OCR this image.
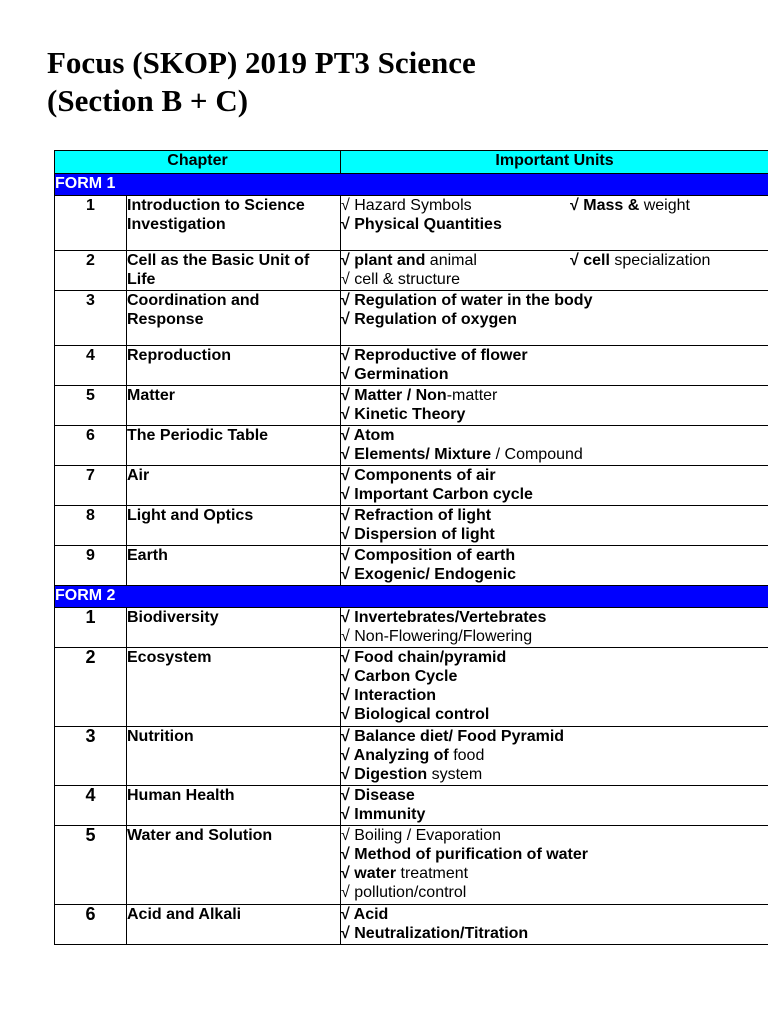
Focus (SKOP) 2019 PT3 Science
(Section B + C)
Chapter		Important Units
FORM 1		
1	Introduction to Science Investigation	√ Hazard Symbols √ Mass & weight
√ Physical Quantities

2	Cell as the Basic Unit of Life	√ plant and animal √ cell specialization
√ cell & structure

3	Coordination and Response	√ Regulation of water in the body
√ Regulation of oxygen

4	Reproduction	√ Reproductive of flower
√ Germination

5	Matter	√ Matter / Non-matter
√ Kinetic Theory

6	The Periodic Table	√ Atom
√ Elements/ Mixture / Compound

7	Air	√ Components of air
√ Important Carbon cycle

8	Light and Optics	√ Refraction of light
√ Dispersion of light

9	Earth	√ Composition of earth
√ Exogenic/ Endogenic

FORM 2		
1	Biodiversity	√ Invertebrates/Vertebrates
√ Non-Flowering/Flowering

2	Ecosystem	√ Food chain/pyramid
√ Carbon Cycle
√ Interaction
√ Biological control

3	Nutrition	√ Balance diet/ Food Pyramid
√ Analyzing of food
√ Digestion system

4	Human Health	√ Disease
√ Immunity

5	Water and Solution	√ Boiling / Evaporation
√ Method of purification of water
√ water treatment
√ pollution/control

6	Acid and Alkali	√ Acid
√ Neutralization/Titration
